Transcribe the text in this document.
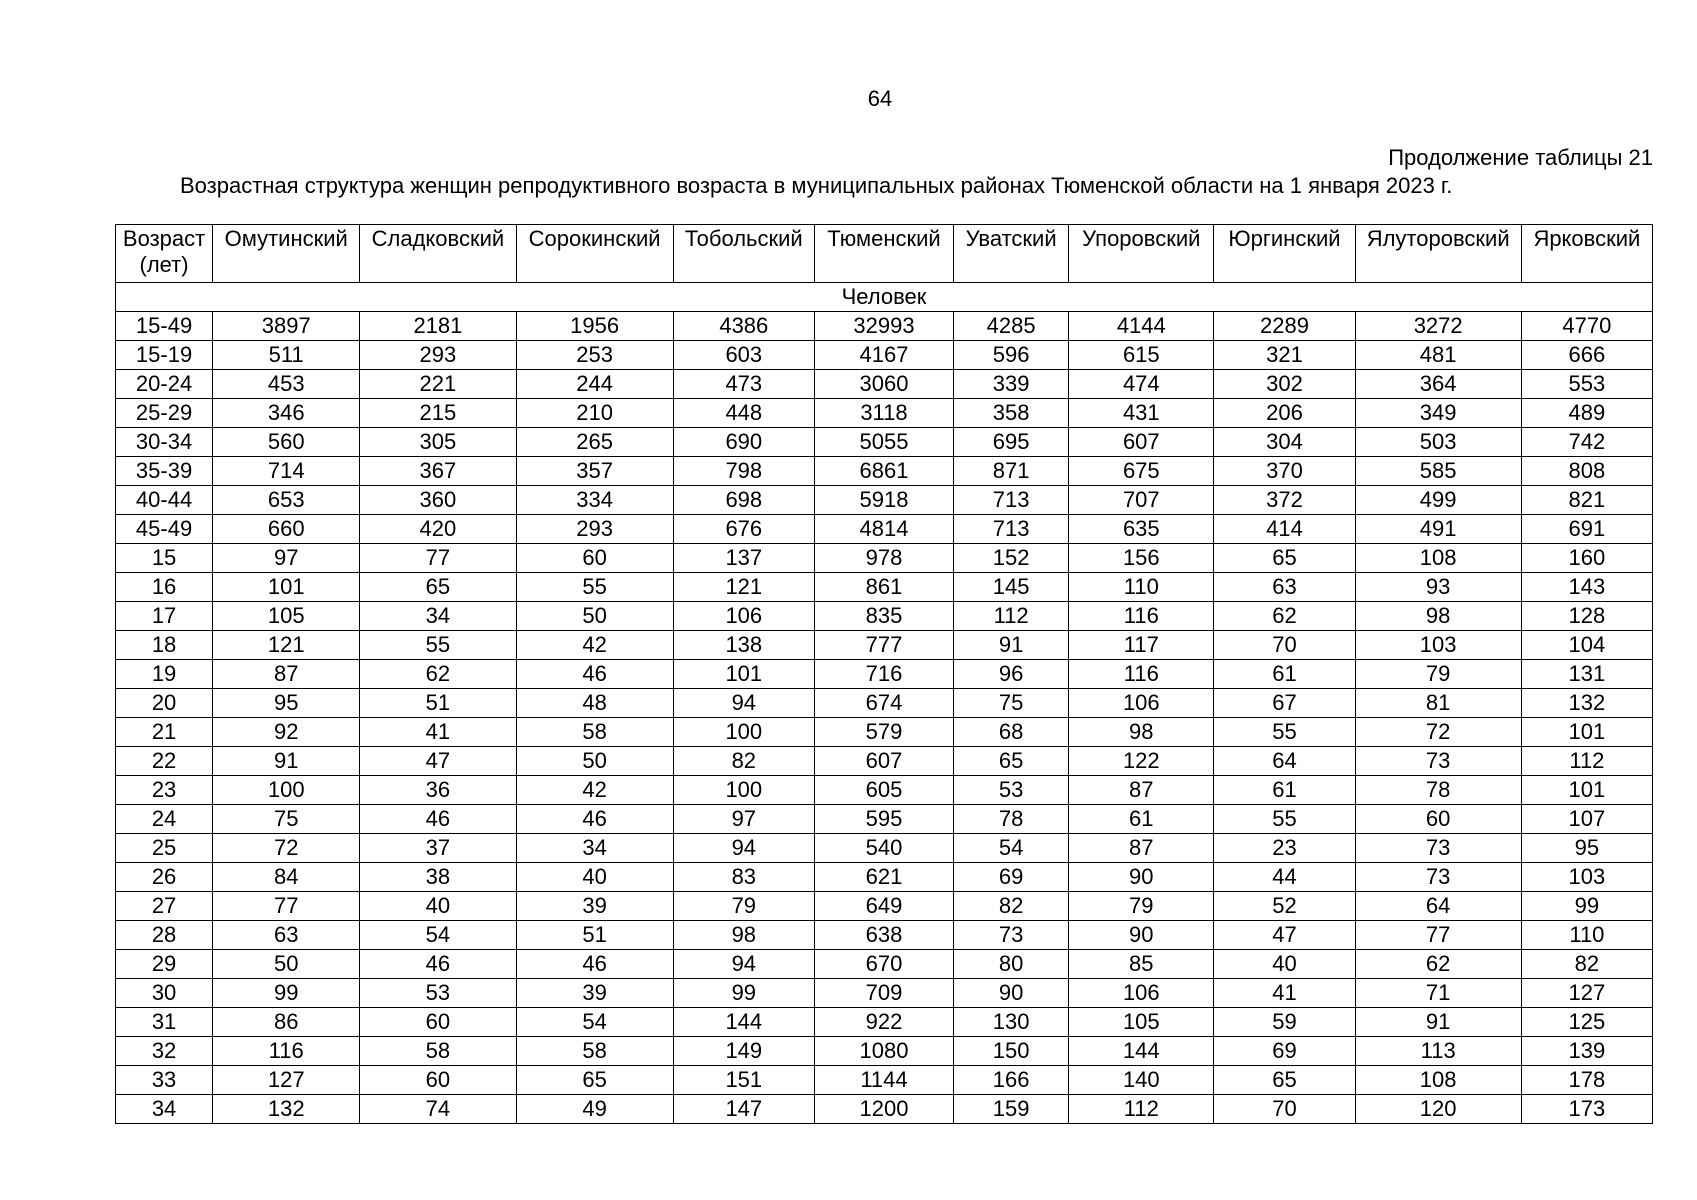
64
Продолжение таблицы 21
Возрастная структура женщин репродуктивного возраста в муниципальных районах Тюменской области на 1 января 2023 г.
Возраст
(лет)	Омутинский	Сладковский	Сорокинский	Тобольский	Тюменский	Уватский	Упоровский	Юргинский	Ялуторовский	Ярковский
Человек										
15-49	3897	2181	1956	4386	32993	4285	4144	2289	3272	4770
15-19	511	293	253	603	4167	596	615	321	481	666
20-24	453	221	244	473	3060	339	474	302	364	553
25-29	346	215	210	448	3118	358	431	206	349	489
30-34	560	305	265	690	5055	695	607	304	503	742
35-39	714	367	357	798	6861	871	675	370	585	808
40-44	653	360	334	698	5918	713	707	372	499	821
45-49	660	420	293	676	4814	713	635	414	491	691
15	97	77	60	137	978	152	156	65	108	160
16	101	65	55	121	861	145	110	63	93	143
17	105	34	50	106	835	112	116	62	98	128
18	121	55	42	138	777	91	117	70	103	104
19	87	62	46	101	716	96	116	61	79	131
20	95	51	48	94	674	75	106	67	81	132
21	92	41	58	100	579	68	98	55	72	101
22	91	47	50	82	607	65	122	64	73	112
23	100	36	42	100	605	53	87	61	78	101
24	75	46	46	97	595	78	61	55	60	107
25	72	37	34	94	540	54	87	23	73	95
26	84	38	40	83	621	69	90	44	73	103
27	77	40	39	79	649	82	79	52	64	99
28	63	54	51	98	638	73	90	47	77	110
29	50	46	46	94	670	80	85	40	62	82
30	99	53	39	99	709	90	106	41	71	127
31	86	60	54	144	922	130	105	59	91	125
32	116	58	58	149	1080	150	144	69	113	139
33	127	60	65	151	1144	166	140	65	108	178
34	132	74	49	147	1200	159	112	70	120	173
